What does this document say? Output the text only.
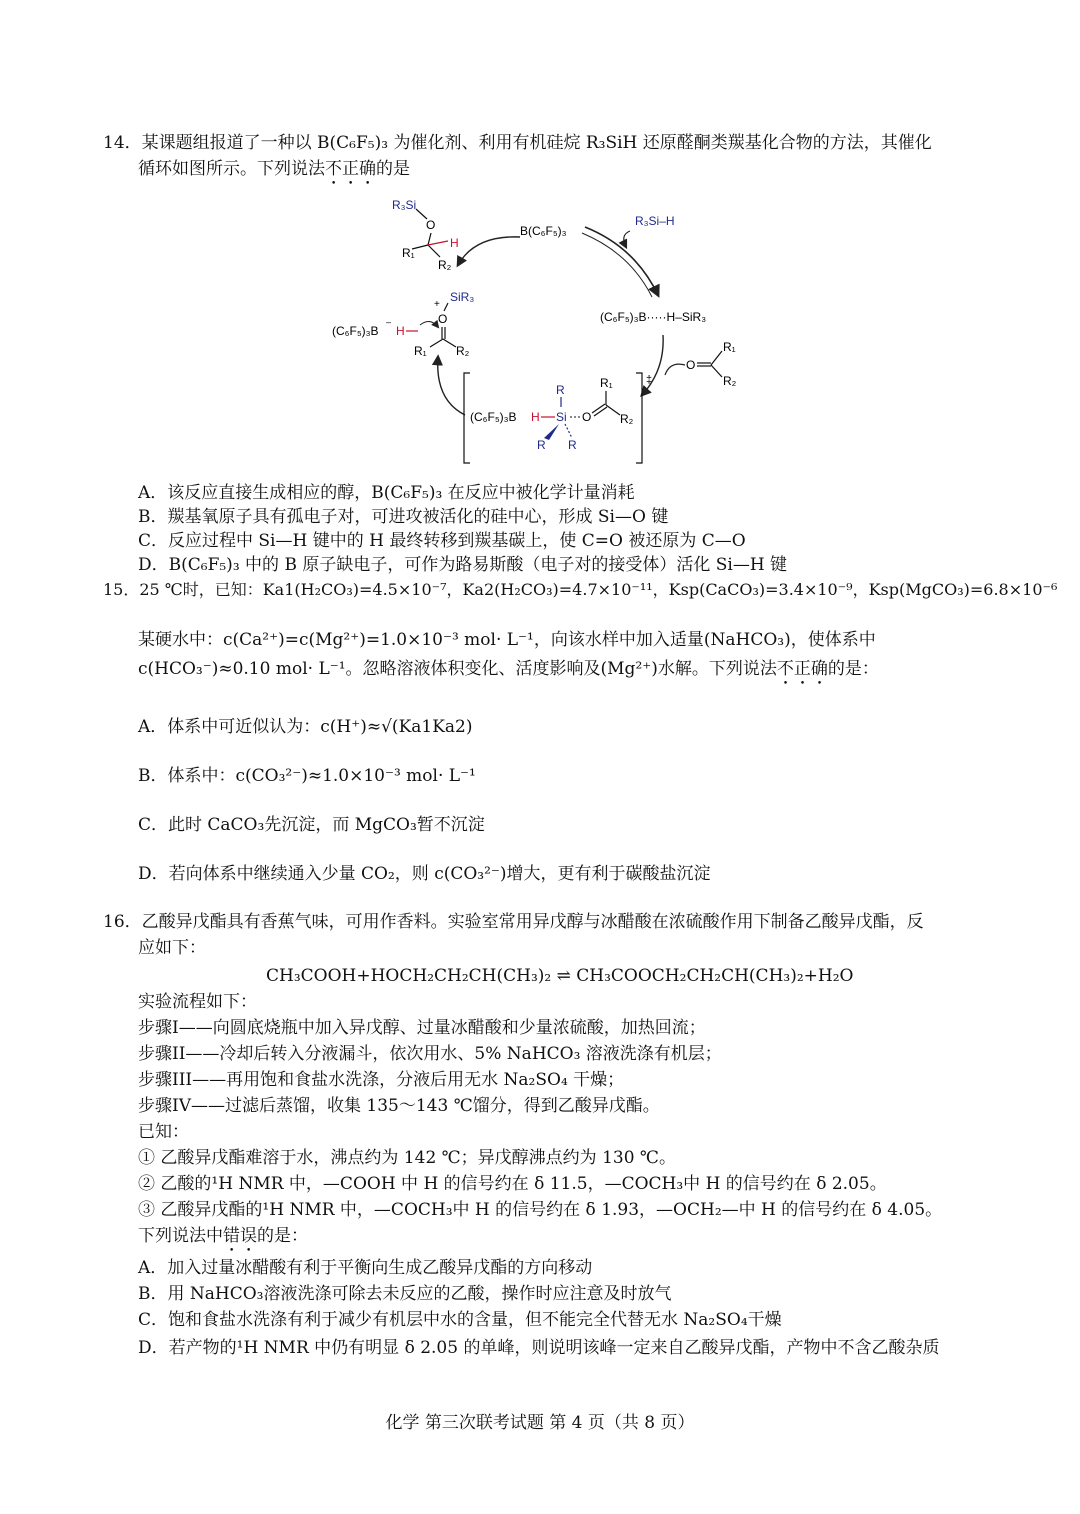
14．某课题组报道了一种以 B(C₆F₅)₃ 为催化剂、利用有机硅烷 R₃SiH 还原醛酮类羰基化合物的方法，其催化
循环如图所示。下列说法不正确的是
R₃Si
O
R₁
H
R₂
B(C₆F₅)₃
R₃Si–H
(C₆F₅)₃B·····H–SiR₃
O
R₁
R₂
‡
(C₆F₅)₃B H Si
R
R R
O
R₁
R₂
(C₆F₅)₃B
–
H
SiR₃
+
O
R₁ R₂
A．该反应直接生成相应的醇，B(C₆F₅)₃ 在反应中被化学计量消耗
B．羰基氧原子具有孤电子对，可进攻被活化的硅中心，形成 Si—O 键
C．反应过程中 Si—H 键中的 H 最终转移到羰基碳上，使 C=O 被还原为 C—O
D．B(C₆F₅)₃ 中的 B 原子缺电子，可作为路易斯酸（电子对的接受体）活化 Si—H 键
15．25 ℃时，已知：Ka1(H₂CO₃)=4.5×10⁻⁷，Ka2(H₂CO₃)=4.7×10⁻¹¹，Ksp(CaCO₃)=3.4×10⁻⁹，Ksp(MgCO₃)=6.8×10⁻⁶
某硬水中：c(Ca²⁺)=c(Mg²⁺)=1.0×10⁻³ mol· L⁻¹，向该水样中加入适量(NaHCO₃)，使体系中
c(HCO₃⁻)≈0.10 mol· L⁻¹。忽略溶液体积变化、活度影响及(Mg²⁺)水解。下列说法不正确的是：
A．体系中可近似认为：c(H⁺)≈√(Ka1Ka2)
B．体系中：c(CO₃²⁻)≈1.0×10⁻³ mol· L⁻¹
C．此时 CaCO₃先沉淀，而 MgCO₃暂不沉淀
D．若向体系中继续通入少量 CO₂，则 c(CO₃²⁻)增大，更有利于碳酸盐沉淀
16．乙酸异戊酯具有香蕉气味，可用作香料。实验室常用异戊醇与冰醋酸在浓硫酸作用下制备乙酸异戊酯，反
应如下：
CH₃COOH+HOCH₂CH₂CH(CH₃)₂ ⇌ CH₃COOCH₂CH₂CH(CH₃)₂+H₂O
实验流程如下：
步骤I——向圆底烧瓶中加入异戊醇、过量冰醋酸和少量浓硫酸，加热回流；
步骤II——冷却后转入分液漏斗，依次用水、5% NaHCO₃ 溶液洗涤有机层；
步骤III——再用饱和食盐水洗涤，分液后用无水 Na₂SO₄ 干燥；
步骤IV——过滤后蒸馏，收集 135～143 ℃馏分，得到乙酸异戊酯。
已知：
① 乙酸异戊酯难溶于水，沸点约为 142 ℃；异戊醇沸点约为 130 ℃。
② 乙酸的¹H NMR 中，—COOH 中 H 的信号约在 δ 11.5，—COCH₃中 H 的信号约在 δ 2.05。
③ 乙酸异戊酯的¹H NMR 中，—COCH₃中 H 的信号约在 δ 1.93，—OCH₂—中 H 的信号约在 δ 4.05。
下列说法中错误的是：
A．加入过量冰醋酸有利于平衡向生成乙酸异戊酯的方向移动
B．用 NaHCO₃溶液洗涤可除去未反应的乙酸，操作时应注意及时放气
C．饱和食盐水洗涤有利于减少有机层中水的含量，但不能完全代替无水 Na₂SO₄干燥
D．若产物的¹H NMR 中仍有明显 δ 2.05 的单峰，则说明该峰一定来自乙酸异戊酯，产物中不含乙酸杂质
化学 第三次联考试题 第 4 页（共 8 页）
